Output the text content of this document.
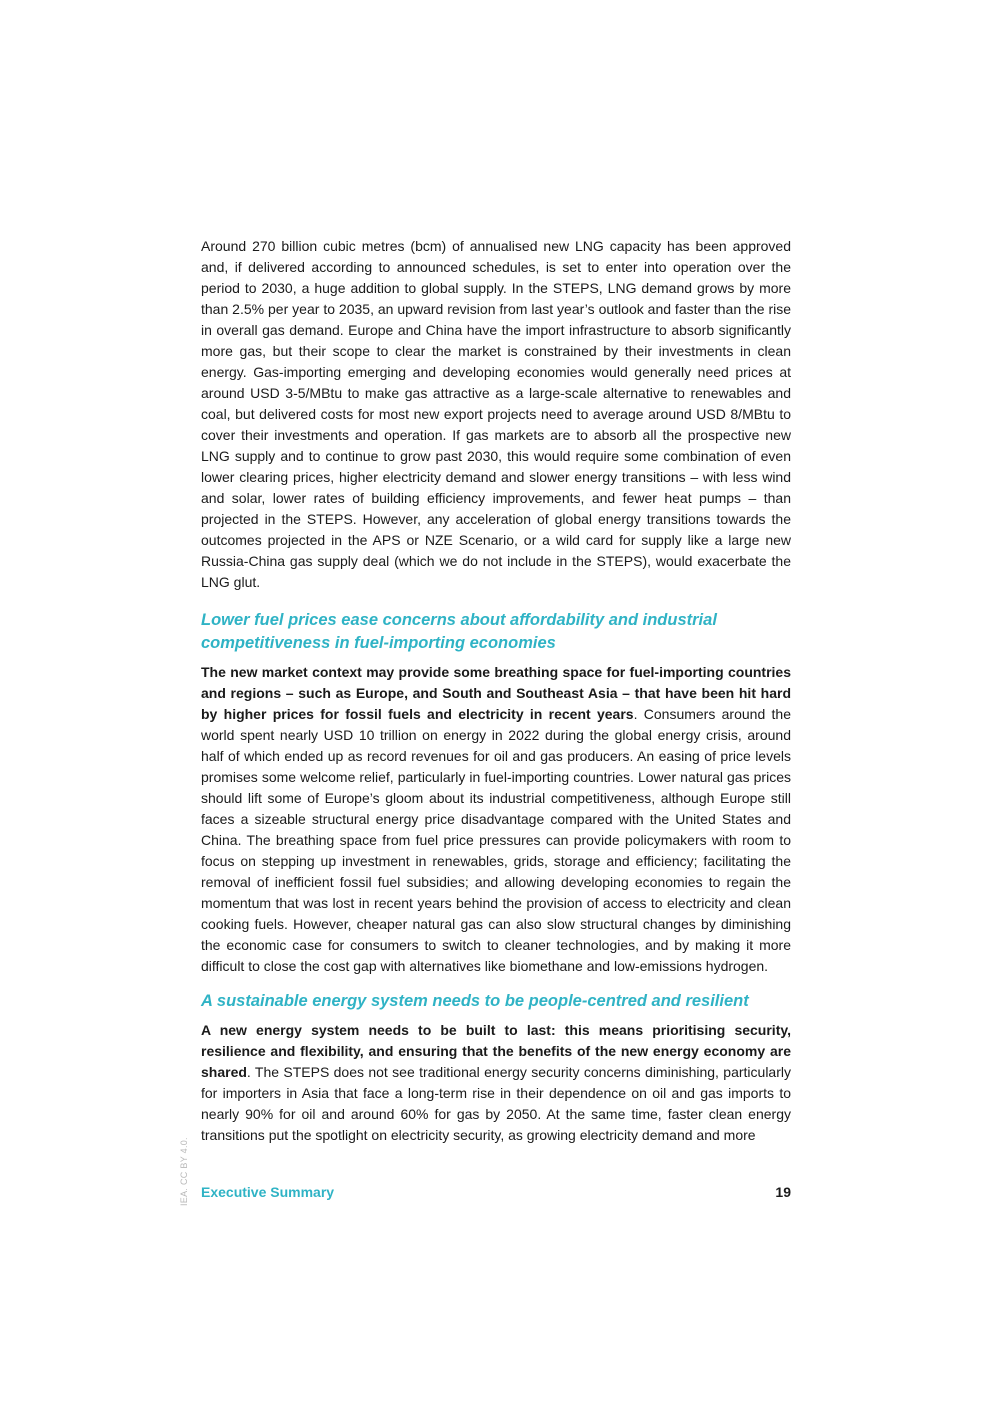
Around 270 billion cubic metres (bcm) of annualised new LNG capacity has been approved and, if delivered according to announced schedules, is set to enter into operation over the period to 2030, a huge addition to global supply. In the STEPS, LNG demand grows by more than 2.5% per year to 2035, an upward revision from last year’s outlook and faster than the rise in overall gas demand. Europe and China have the import infrastructure to absorb significantly more gas, but their scope to clear the market is constrained by their investments in clean energy. Gas-importing emerging and developing economies would generally need prices at around USD 3-5/MBtu to make gas attractive as a large-scale alternative to renewables and coal, but delivered costs for most new export projects need to average around USD 8/MBtu to cover their investments and operation. If gas markets are to absorb all the prospective new LNG supply and to continue to grow past 2030, this would require some combination of even lower clearing prices, higher electricity demand and slower energy transitions – with less wind and solar, lower rates of building efficiency improvements, and fewer heat pumps – than projected in the STEPS. However, any acceleration of global energy transitions towards the outcomes projected in the APS or NZE Scenario, or a wild card for supply like a large new Russia-China gas supply deal (which we do not include in the STEPS), would exacerbate the LNG glut.

Lower fuel prices ease concerns about affordability and industrial
competitiveness in fuel-importing economies

The new market context may provide some breathing space for fuel-importing countries and regions – such as Europe, and South and Southeast Asia – that have been hit hard by higher prices for fossil fuels and electricity in recent years. Consumers around the world spent nearly USD 10 trillion on energy in 2022 during the global energy crisis, around half of which ended up as record revenues for oil and gas producers. An easing of price levels promises some welcome relief, particularly in fuel-importing countries. Lower natural gas prices should lift some of Europe’s gloom about its industrial competitiveness, although Europe still faces a sizeable structural energy price disadvantage compared with the United States and China. The breathing space from fuel price pressures can provide policymakers with room to focus on stepping up investment in renewables, grids, storage and efficiency; facilitating the removal of inefficient fossil fuel subsidies; and allowing developing economies to regain the momentum that was lost in recent years behind the provision of access to electricity and clean cooking fuels. However, cheaper natural gas can also slow structural changes by diminishing the economic case for consumers to switch to cleaner technologies, and by making it more difficult to close the cost gap with alternatives like biomethane and low-emissions hydrogen.

A sustainable energy system needs to be people-centred and resilient

A new energy system needs to be built to last: this means prioritising security, resilience and flexibility, and ensuring that the benefits of the new energy economy are shared. The STEPS does not see traditional energy security concerns diminishing, particularly for importers in Asia that face a long-term rise in their dependence on oil and gas imports to nearly 90% for oil and around 60% for gas by 2050. At the same time, faster clean energy transitions put the spotlight on electricity security, as growing electricity demand and more

IEA. CC BY 4.0. Executive Summary	19
